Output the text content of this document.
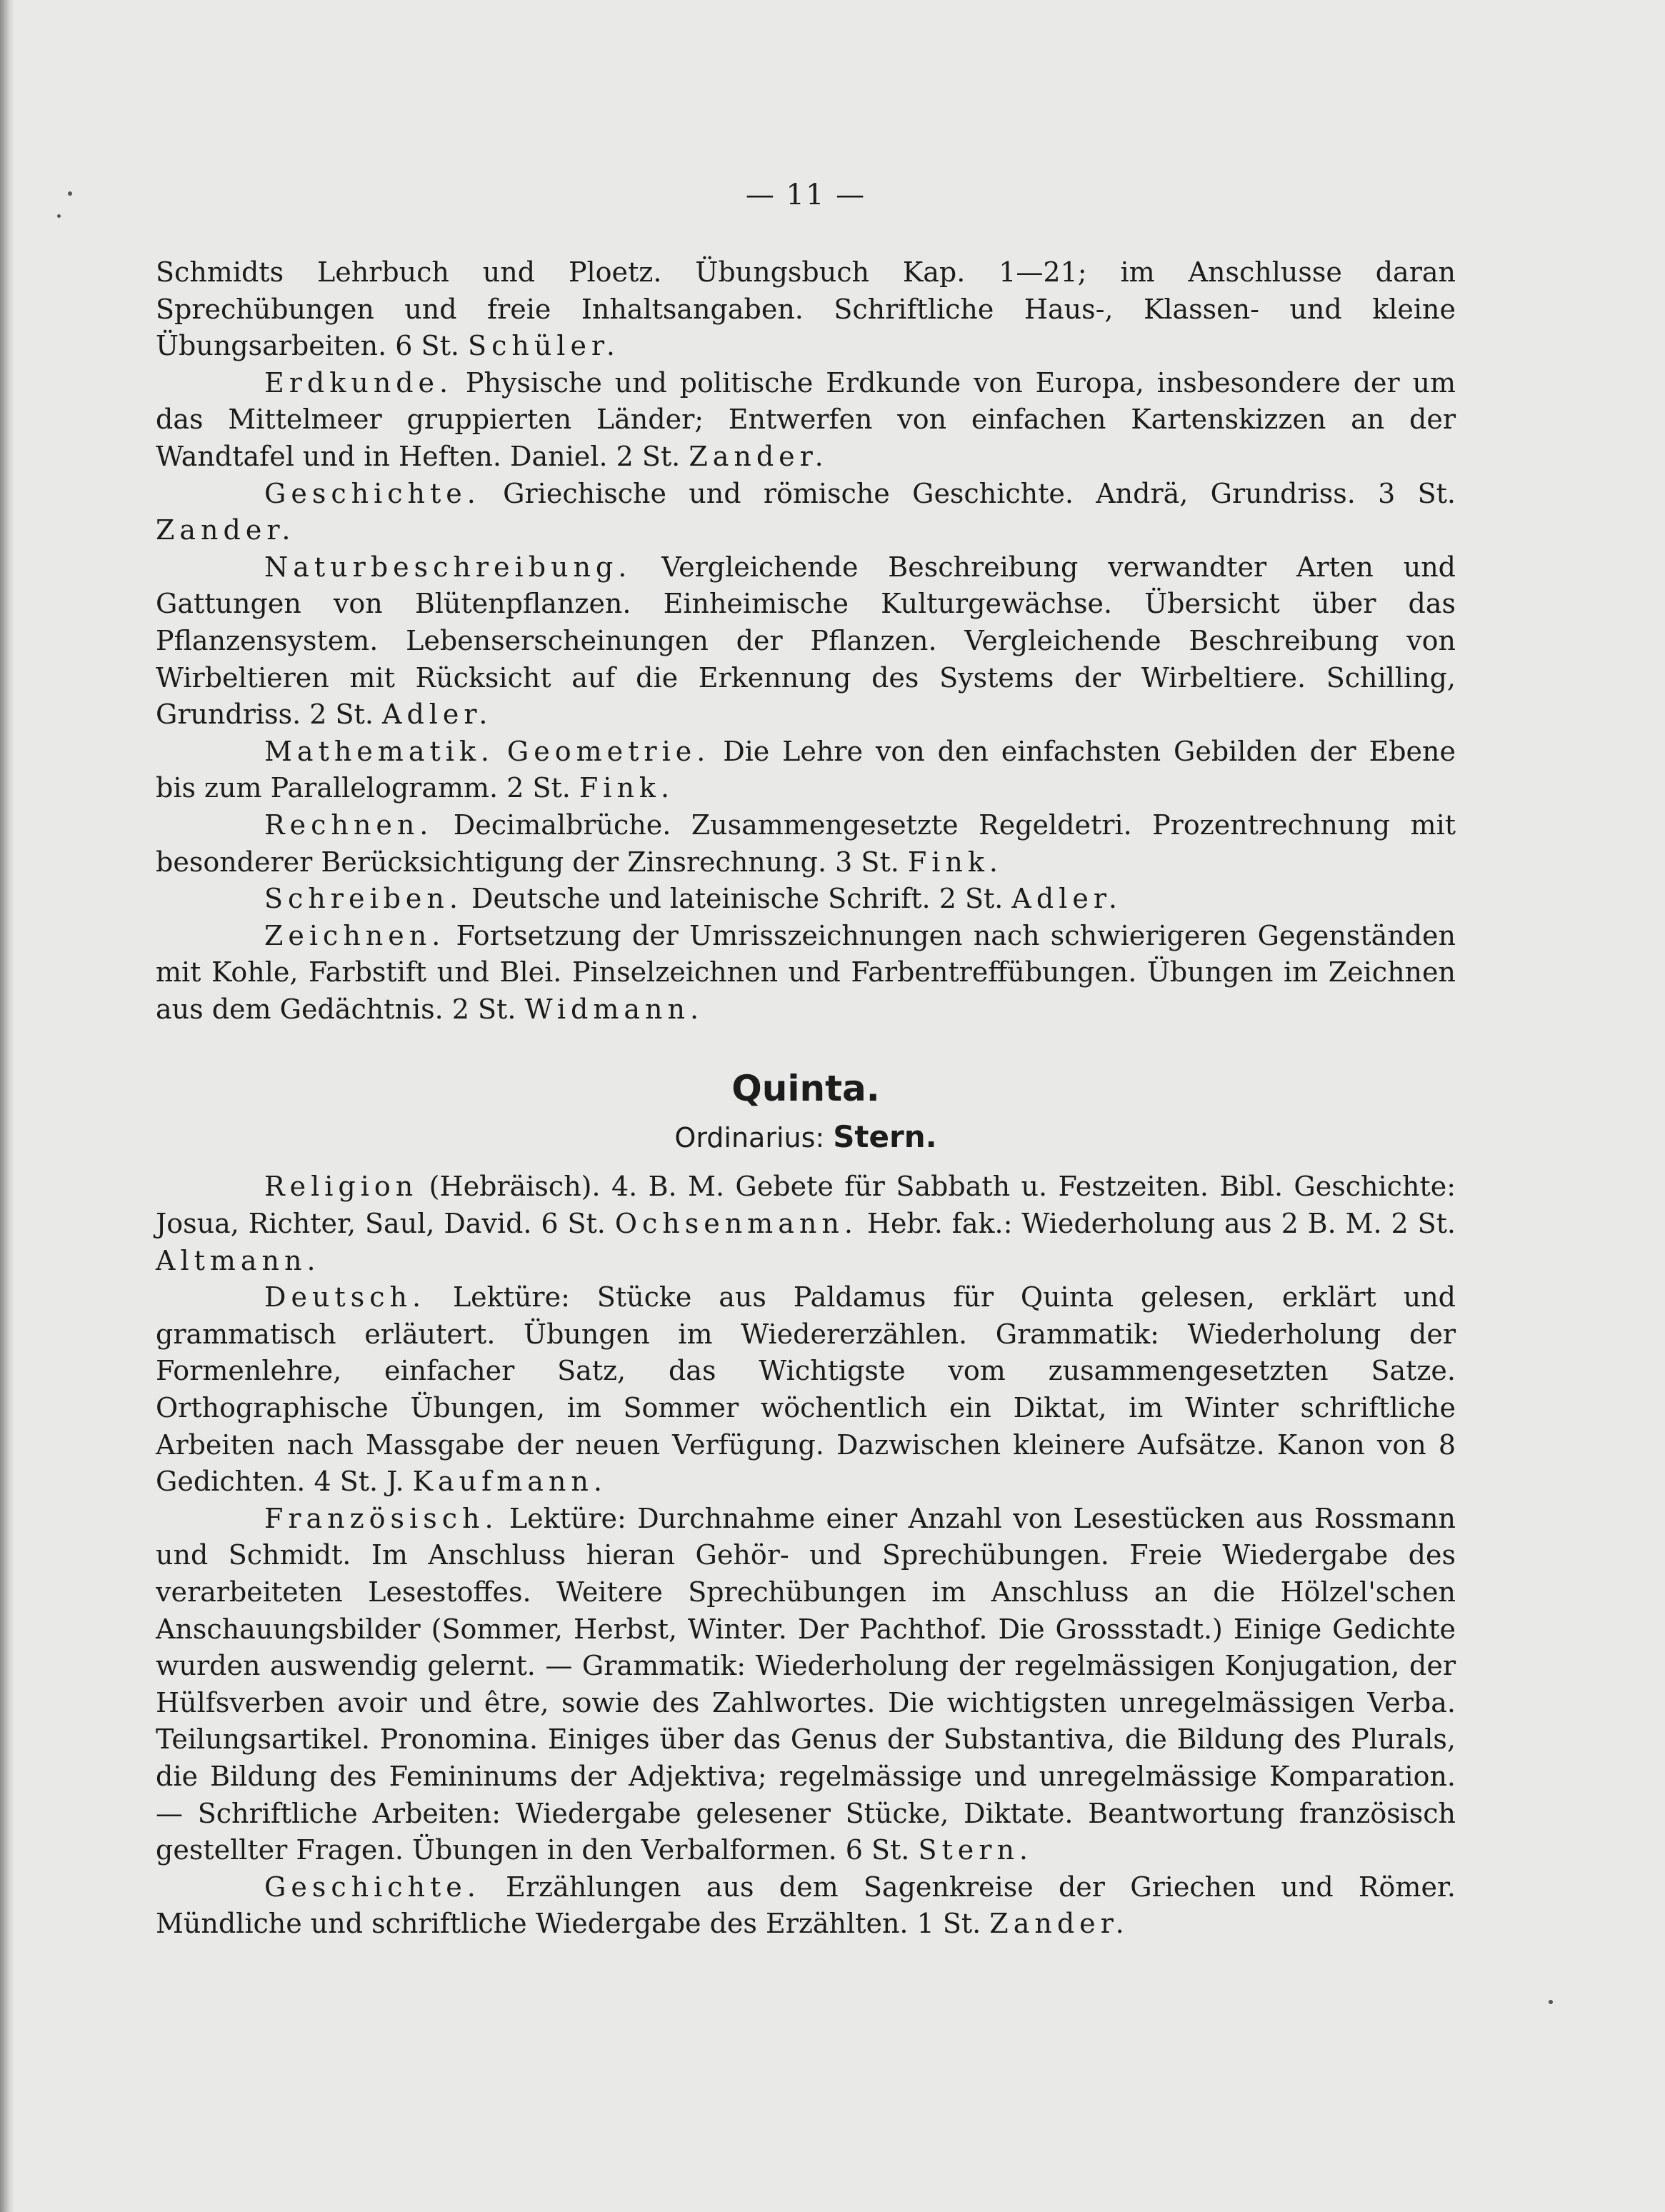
— 11 —

Schmidts Lehrbuch und Ploetz. Übungsbuch Kap. 1—21; im Anschlusse daran Sprechübungen und freie Inhaltsangaben. Schriftliche Haus-, Klassen- und kleine Übungsarbeiten. 6 St. Schüler.

Erdkunde. Physische und politische Erdkunde von Europa, insbesondere der um das Mittelmeer gruppierten Länder; Entwerfen von einfachen Kartenskizzen an der Wandtafel und in Heften. Daniel. 2 St. Zander.

Geschichte. Griechische und römische Geschichte. Andrä, Grundriss. 3 St. Zander.

Naturbeschreibung. Vergleichende Beschreibung verwandter Arten und Gattungen von Blütenpflanzen. Einheimische Kulturgewächse. Übersicht über das Pflanzensystem. Lebenserscheinungen der Pflanzen. Vergleichende Beschreibung von Wirbeltieren mit Rücksicht auf die Erkennung des Systems der Wirbeltiere. Schilling, Grundriss. 2 St. Adler.

Mathematik. Geometrie. Die Lehre von den einfachsten Gebilden der Ebene bis zum Parallelogramm. 2 St. Fink.

Rechnen. Decimalbrüche. Zusammengesetzte Regeldetri. Prozentrechnung mit besonderer Berücksichtigung der Zinsrechnung. 3 St. Fink.

Schreiben. Deutsche und lateinische Schrift. 2 St. Adler.

Zeichnen. Fortsetzung der Umrisszeichnungen nach schwierigeren Gegenständen mit Kohle, Farbstift und Blei. Pinselzeichnen und Farbentreffübungen. Übungen im Zeichnen aus dem Gedächtnis. 2 St. Widmann.

Quinta.
Ordinarius: Stern.

Religion (Hebräisch). 4. B. M. Gebete für Sabbath u. Festzeiten. Bibl. Geschichte: Josua, Richter, Saul, David. 6 St. Ochsenmann. Hebr. fak.: Wiederholung aus 2 B. M. 2 St. Altmann.

Deutsch. Lektüre: Stücke aus Paldamus für Quinta gelesen, erklärt und grammatisch erläutert. Übungen im Wiedererzählen. Grammatik: Wiederholung der Formenlehre, einfacher Satz, das Wichtigste vom zusammengesetzten Satze. Orthographische Übungen, im Sommer wöchentlich ein Diktat, im Winter schriftliche Arbeiten nach Massgabe der neuen Verfügung. Dazwischen kleinere Aufsätze. Kanon von 8 Gedichten. 4 St. J. Kaufmann.

Französisch. Lektüre: Durchnahme einer Anzahl von Lesestücken aus Rossmann und Schmidt. Im Anschluss hieran Gehör- und Sprechübungen. Freie Wiedergabe des verarbeiteten Lesestoffes. Weitere Sprechübungen im Anschluss an die Hölzel'schen Anschauungsbilder (Sommer, Herbst, Winter. Der Pachthof. Die Grossstadt.) Einige Gedichte wurden auswendig gelernt. — Grammatik: Wiederholung der regelmässigen Konjugation, der Hülfsverben avoir und être, sowie des Zahlwortes. Die wichtigsten unregelmässigen Verba. Teilungsartikel. Pronomina. Einiges über das Genus der Substantiva, die Bildung des Plurals, die Bildung des Femininums der Adjektiva; regelmässige und unregelmässige Komparation. — Schriftliche Arbeiten: Wiedergabe gelesener Stücke, Diktate. Beantwortung französisch gestellter Fragen. Übungen in den Verbalformen. 6 St. Stern.

Geschichte. Erzählungen aus dem Sagenkreise der Griechen und Römer. Mündliche und schriftliche Wiedergabe des Erzählten. 1 St. Zander.
